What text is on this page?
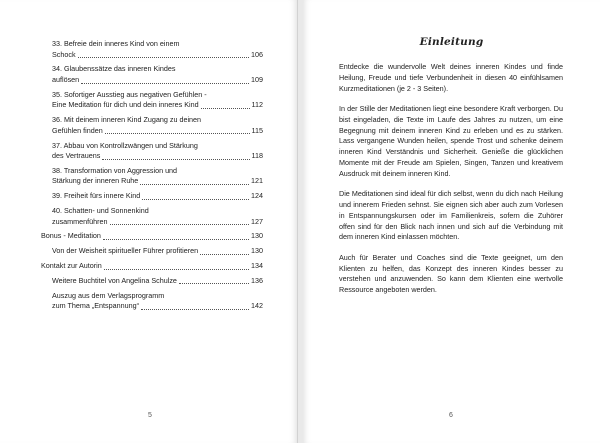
33. Befreie dein inneres Kind von einem
Schock	106
34. Glaubenssätze das inneren Kindes
auflösen	109
35. Sofortiger Ausstieg aus negativen Gefühlen -
Eine Meditation für dich und dein inneres Kind	112
36. Mit deinem inneren Kind Zugang zu deinen
Gefühlen finden	115
37. Abbau von Kontrollzwängen und Stärkung
des Vertrauens	118
38. Transformation von Aggression und
Stärkung der inneren Ruhe	121
39. Freiheit fürs innere Kind	124
40. Schatten- und Sonnenkind
zusammenführen	127
Bonus - Meditation	130
Von der Weisheit spiritueller Führer profitieren	130
Kontakt zur Autorin	134
Weitere Buchtitel von Angelina Schulze	136
Auszug aus dem Verlagsprogramm
zum Thema „Entspannung“	142
5
Einleitung

Entdecke die wundervolle Welt deines inneren Kindes und finde Heilung, Freude und tiefe Verbundenheit in diesen 40 einfühlsamen Kurzmeditationen (je 2 - 3 Seiten).

In der Stille der Meditationen liegt eine besondere Kraft verborgen. Du bist eingeladen, die Texte im Laufe des Jahres zu nutzen, um eine Begegnung mit deinem inneren Kind zu erleben und es zu stärken. Lass vergangene Wunden heilen, spende Trost und schenke deinem inneren Kind Verständnis und Sicherheit. Genieße die glücklichen Momente mit der Freude am Spielen, Singen, Tanzen und kreativem Ausdruck mit deinem inneren Kind.

Die Meditationen sind ideal für dich selbst, wenn du dich nach Heilung und innerem Frieden sehnst. Sie eignen sich aber auch zum Vorlesen in Entspannungskursen oder im Familienkreis, sofern die Zuhörer offen sind für den Blick nach innen und sich auf die Verbindung mit dem inneren Kind einlassen möchten.

Auch für Berater und Coaches sind die Texte geeignet, um den Klienten zu helfen, das Konzept des inneren Kindes besser zu verstehen und anzuwenden. So kann dem Klienten eine wertvolle Ressource angeboten werden.

6
